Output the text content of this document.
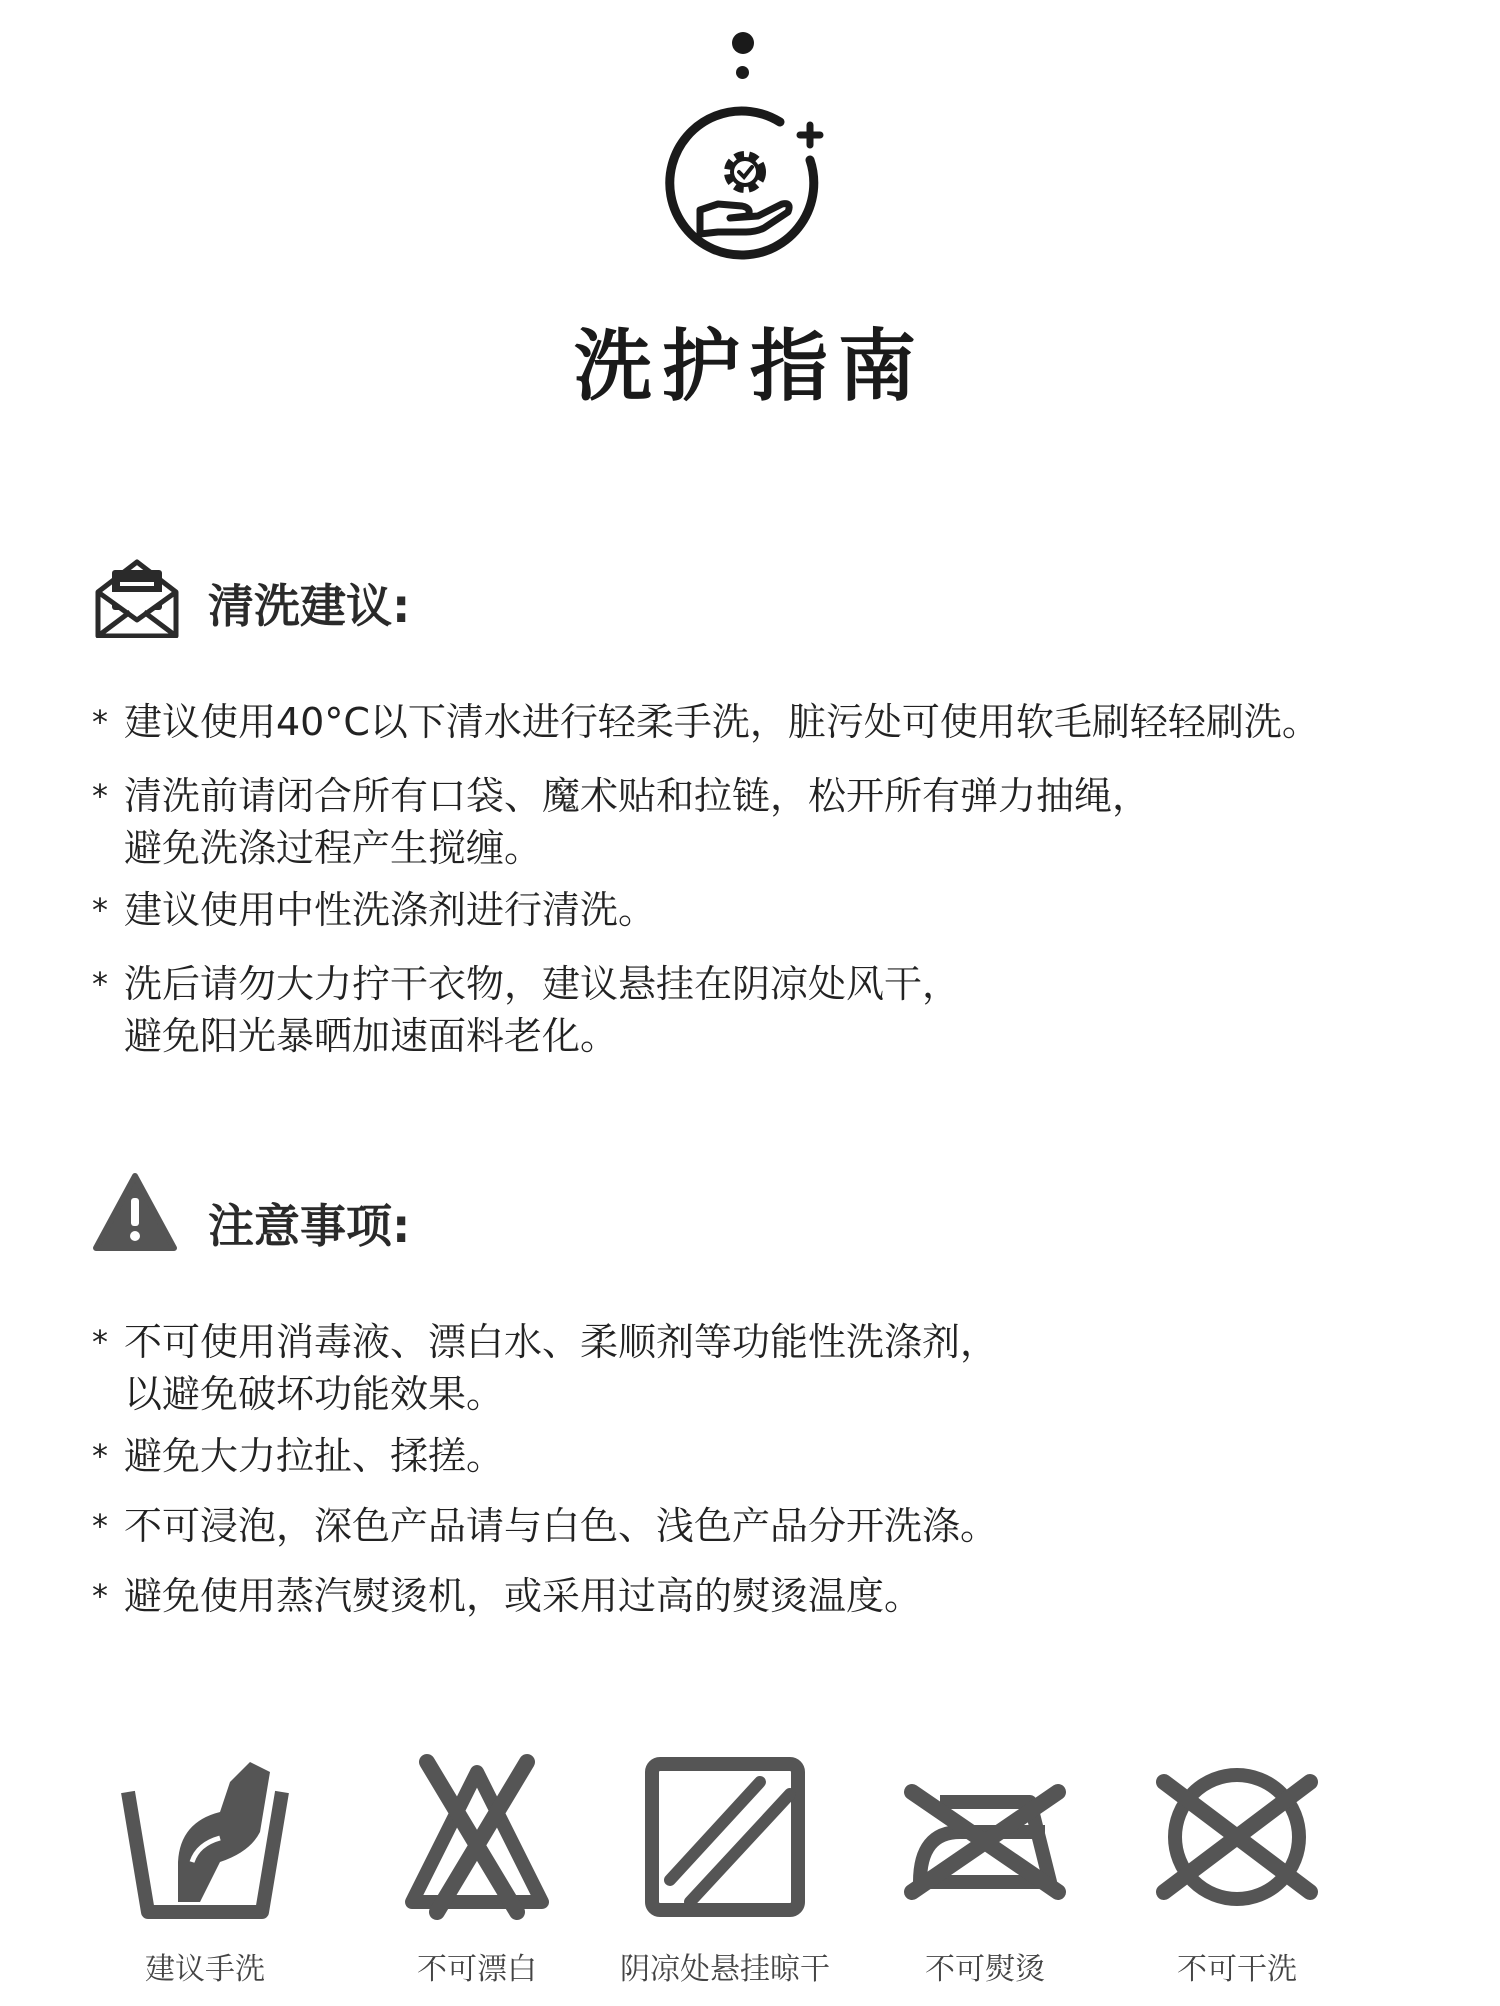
洗护指南
清洗建议:
* 建议使用40°C以下清水进行轻柔手洗，脏污处可使用软毛刷轻轻刷洗。
* 清洗前请闭合所有口袋、魔术贴和拉链，松开所有弹力抽绳，
避免洗涤过程产生搅缠。
* 建议使用中性洗涤剂进行清洗。
* 洗后请勿大力拧干衣物，建议悬挂在阴凉处风干，
避免阳光暴晒加速面料老化。
注意事项:
* 不可使用消毒液、漂白水、柔顺剂等功能性洗涤剂，
以避免破坏功能效果。
* 避免大力拉扯、揉搓。
* 不可浸泡，深色产品请与白色、浅色产品分开洗涤。
* 避免使用蒸汽熨烫机，或采用过高的熨烫温度。
建议手洗	不可漂白	阴凉处悬挂晾干	不可熨烫	不可干洗
